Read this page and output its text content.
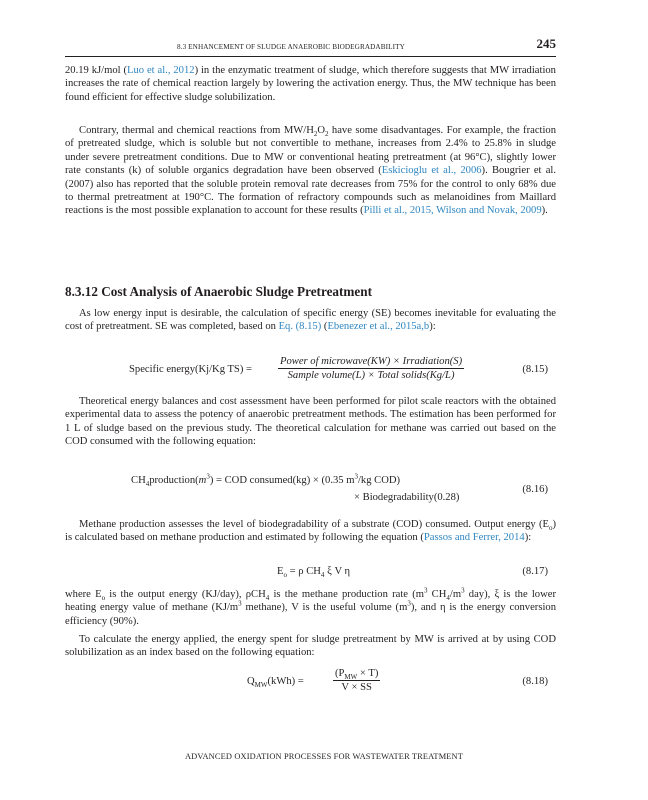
8.3 ENHANCEMENT OF SLUDGE ANAEROBIC BIODEGRADABILITY	245

20.19 kJ/mol (Luo et al., 2012) in the enzymatic treatment of sludge, which therefore suggests that MW irradiation increases the rate of chemical reaction largely by lowering the activation energy. Thus, the MW technique has been found efficient for effective sludge solubilization.

Contrary, thermal and chemical reactions from $MW/H_2O_2$ have some disadvantages. For example, the fraction of pretreated sludge, which is soluble but not convertible to methane, increases from 2.4% to 25.8% in sludge under severe pretreatment conditions. Due to MW or conventional heating pretreatment (at 96°C), slightly lower rate constants (k) of soluble organics degradation have been observed (Eskicioglu et al., 2006). Bougrier et al. (2007) also has reported that the soluble protein removal rate decreases from 75% for the control to only 68% due to thermal pretreatment at 190°C. The formation of refractory compounds such as melanoidines from Maillard reactions is the most possible explanation to account for these results (Pilli et al., 2015, Wilson and Novak, 2009).

8.3.12 Cost Analysis of Anaerobic Sludge Pretreatment

As low energy input is desirable, the calculation of specific energy (SE) becomes inevitable for evaluating the cost of pretreatment. SE was completed, based on Eq. (8.15) (Ebenezer et al., 2015a,b):

Specific energy(Kj/Kg TS) =
Power of microwave(KW) × Irradiation(S)
Sample volume(L) × Total solids(Kg/L)
(8.15)

Theoretical energy balances and cost assessment have been performed for pilot scale reactors with the obtained experimental data to assess the potency of anaerobic pretreatment methods. The estimation has been performed for 1 L of sludge based on the previous study. The theoretical calculation for methane was carried out based on the COD consumed with the following equation:

$CH_4production(m^3)$ = COD consumed(kg) × (0.35 $m^3/kg$ COD)
× Biodegradability(0.28)
(8.16)

Methane production assesses the level of biodegradability of a substrate (COD) consumed. Output energy $(E_o)$ is calculated based on methane production and estimated by following the equation (Passos and Ferrer, 2014):

$E_o = \rho$ $CH_4$ ξ V η	(8.17)

where $E_o$ is the output energy (KJ/day), ρCH$_4$ is the methane production rate ($m^3$ $CH_4/m^3$ day), ξ is the lower heating energy value of methane ($KJ/m^3$ methane), V is the useful volume $(m^3)$, and η is the energy conversion efficiency (90%).

To calculate the energy applied, the energy spent for sludge pretreatment by MW is arrived at by using COD solubilization as an index based on the following equation:

$Q_{MW}(kWh)$ =
$(P_{MW} \times T)$
V × SS
(8.18)
ADVANCED OXIDATION PROCESSES FOR WASTEWATER TREATMENT
